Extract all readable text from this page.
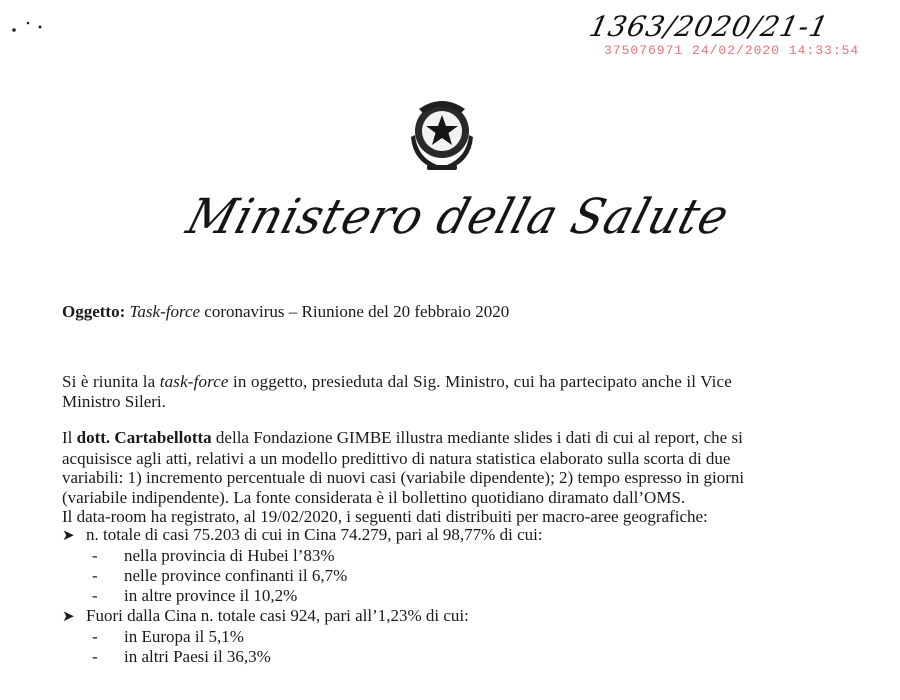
1363/2020/21-1
375076971 24/02/2020 14:33:54
Ministero della Salute
Oggetto: Task-force coronavirus – Riunione del 20 febbraio 2020
Si è riunita la task-force in oggetto, presieduta dal Sig. Ministro, cui ha partecipato anche il Vice
Ministro Sileri.
Il dott. Cartabellotta della Fondazione GIMBE illustra mediante slides i dati di cui al report, che si
acquisisce agli atti, relativi a un modello predittivo di natura statistica elaborato sulla scorta di due
variabili: 1) incremento percentuale di nuovi casi (variabile dipendente); 2) tempo espresso in giorni
(variabile indipendente). La fonte considerata è il bollettino quotidiano diramato dall’OMS.
Il data-room ha registrato, al 19/02/2020, i seguenti dati distribuiti per macro-aree geografiche:
➤ n. totale di casi 75.203 di cui in Cina 74.279, pari al 98,77% di cui:
- nella provincia di Hubei l’83%
- nelle province confinanti il 6,7%
- in altre province il 10,2%
➤ Fuori dalla Cina n. totale casi 924, pari all’1,23% di cui:
- in Europa il 5,1%
- in altri Paesi il 36,3%
